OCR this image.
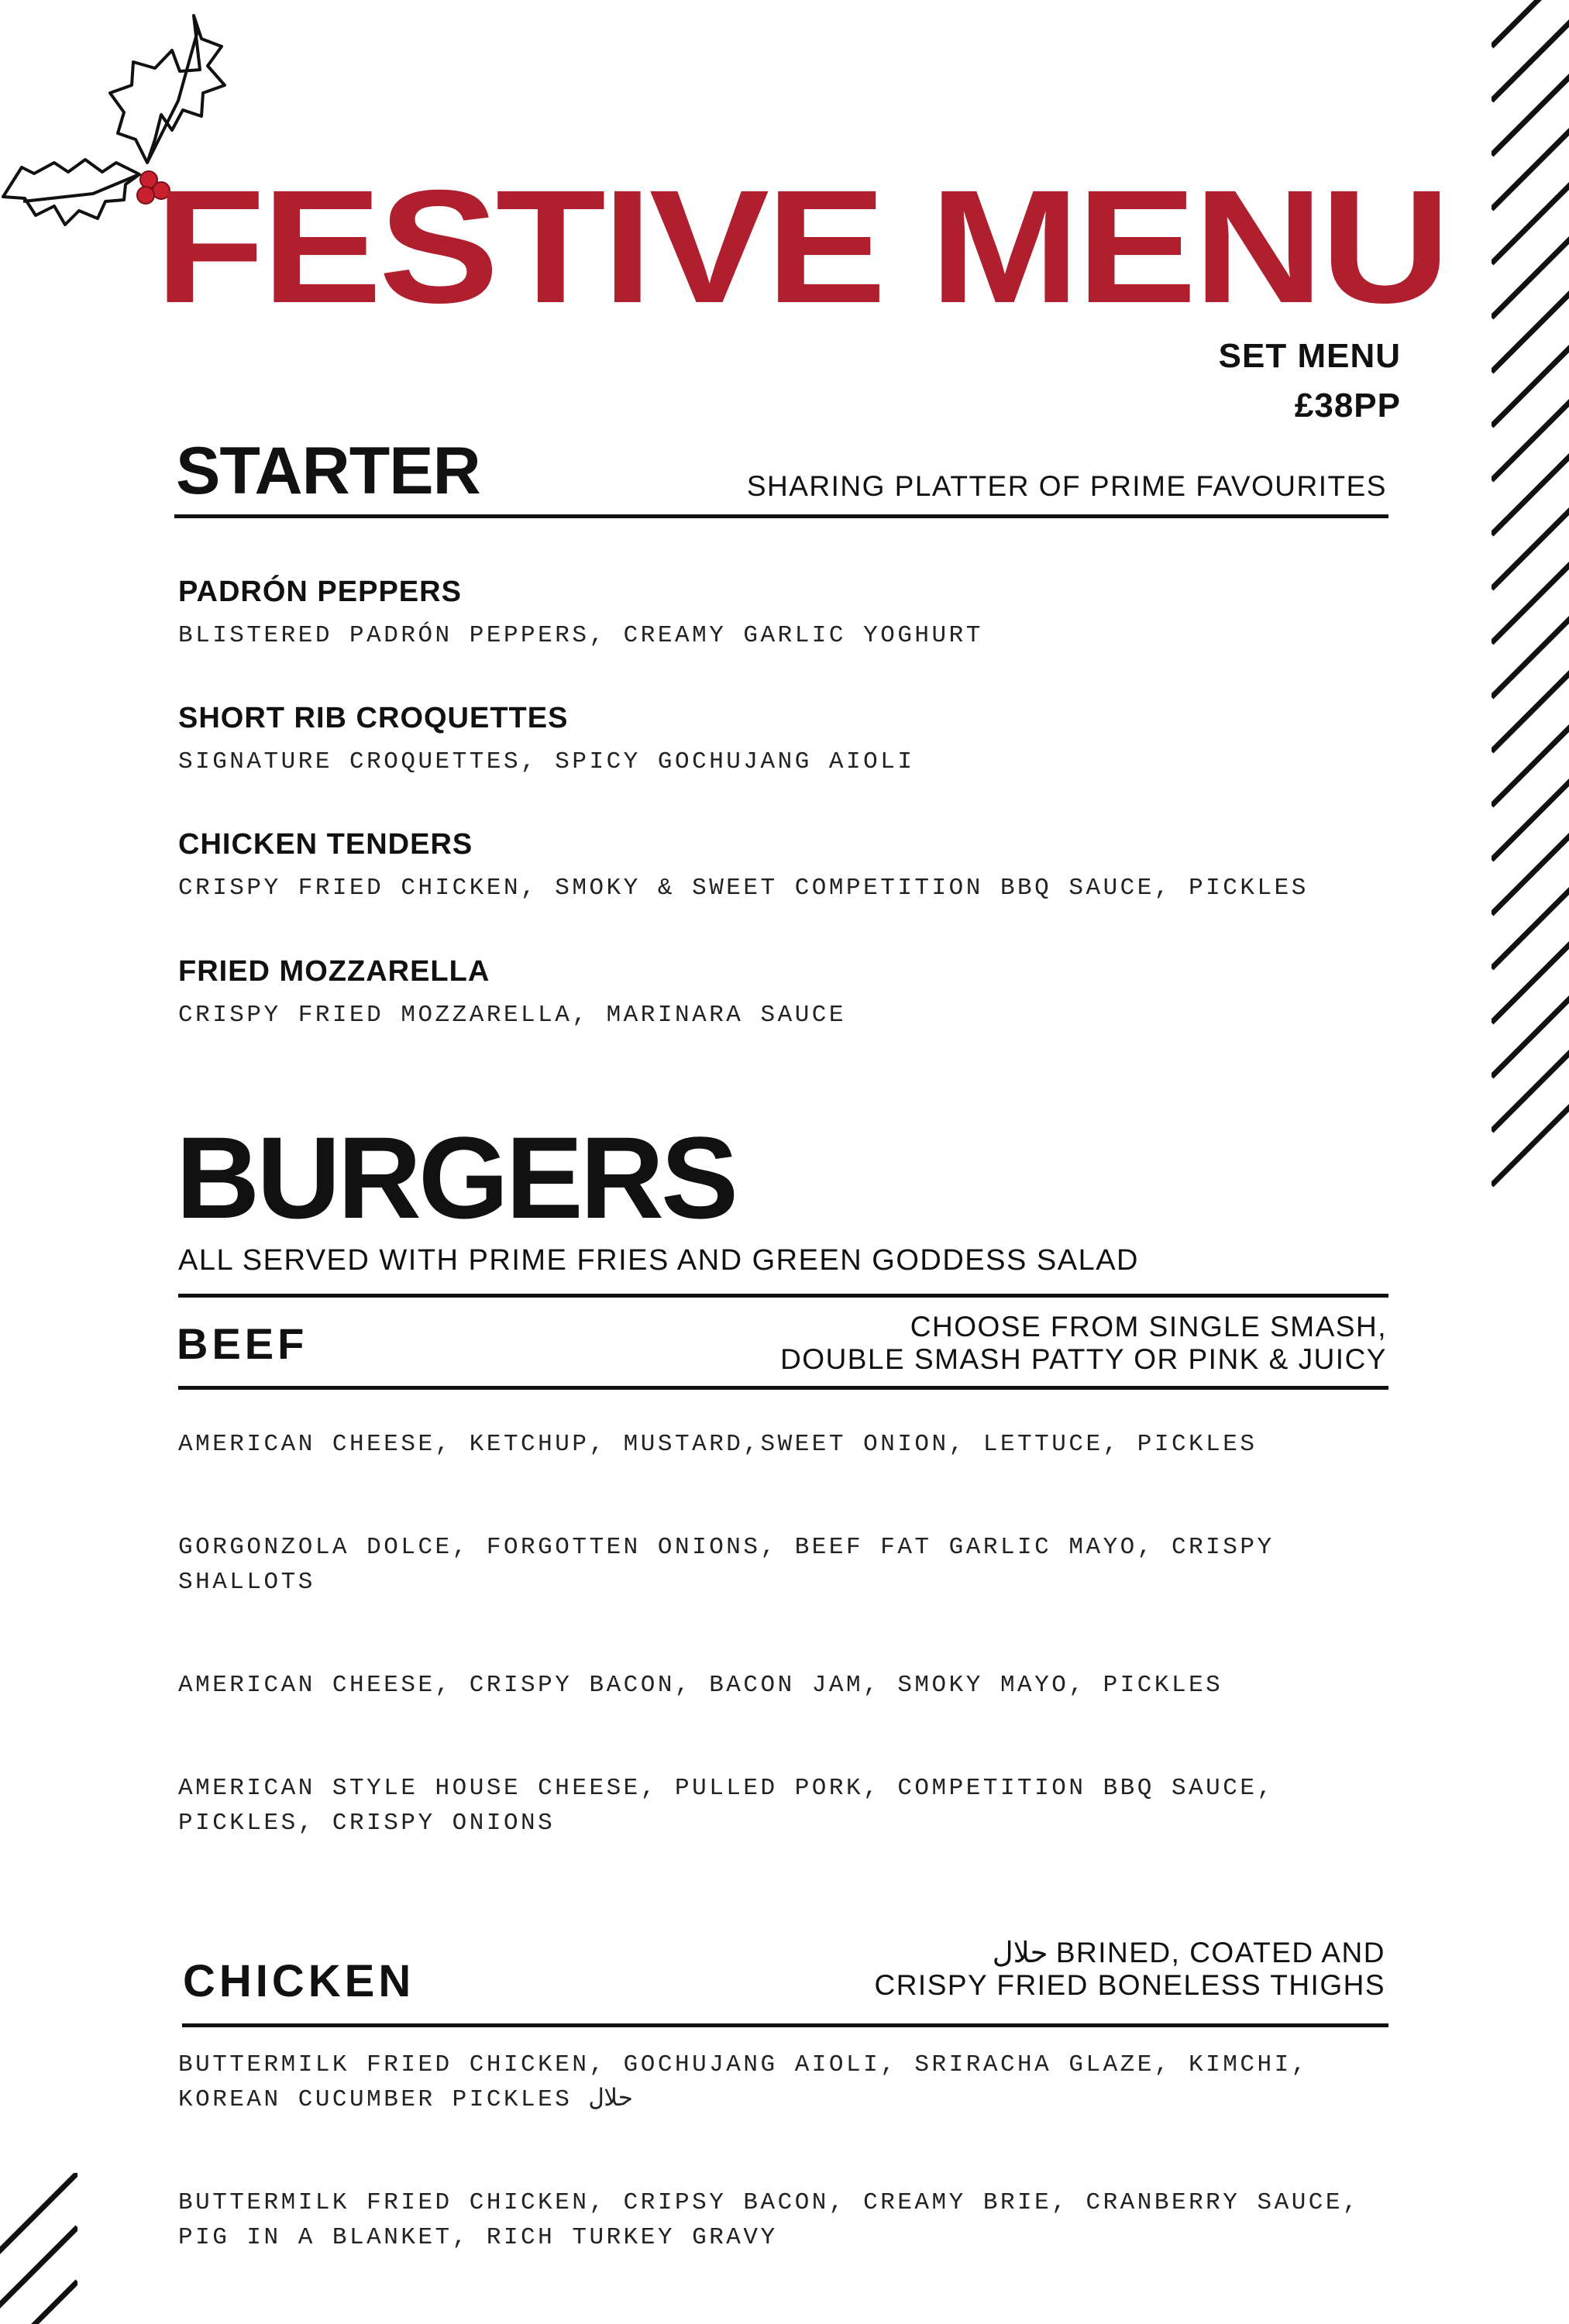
FESTIVE MENU
SET MENU
£38PP
STARTER	SHARING PLATTER OF PRIME FAVOURITES
PADRÓN PEPPERS
BLISTERED PADRÓN PEPPERS, CREAMY GARLIC YOGHURT
SHORT RIB CROQUETTES
SIGNATURE CROQUETTES, SPICY GOCHUJANG AIOLI
CHICKEN TENDERS
CRISPY FRIED CHICKEN, SMOKY & SWEET COMPETITION BBQ SAUCE, PICKLES
FRIED MOZZARELLA
CRISPY FRIED MOZZARELLA, MARINARA SAUCE
BURGERS
ALL SERVED WITH PRIME FRIES AND GREEN GODDESS SALAD
BEEF	CHOOSE FROM SINGLE SMASH,
DOUBLE SMASH PATTY OR PINK & JUICY
AMERICAN CHEESE, KETCHUP, MUSTARD,SWEET ONION, LETTUCE, PICKLES
GORGONZOLA DOLCE, FORGOTTEN ONIONS, BEEF FAT GARLIC MAYO, CRISPY SHALLOTS
AMERICAN CHEESE, CRISPY BACON, BACON JAM, SMOKY MAYO, PICKLES
AMERICAN STYLE HOUSE CHEESE, PULLED PORK, COMPETITION BBQ SAUCE, PICKLES, CRISPY ONIONS
CHICKEN
حلال BRINED, COATED AND
CRISPY FRIED BONELESS THIGHS
BUTTERMILK FRIED CHICKEN, GOCHUJANG AIOLI, SRIRACHA GLAZE, KIMCHI, KOREAN CUCUMBER PICKLES حلال
BUTTERMILK FRIED CHICKEN, CRIPSY BACON, CREAMY BRIE, CRANBERRY SAUCE, PIG IN A BLANKET, RICH TURKEY GRAVY
